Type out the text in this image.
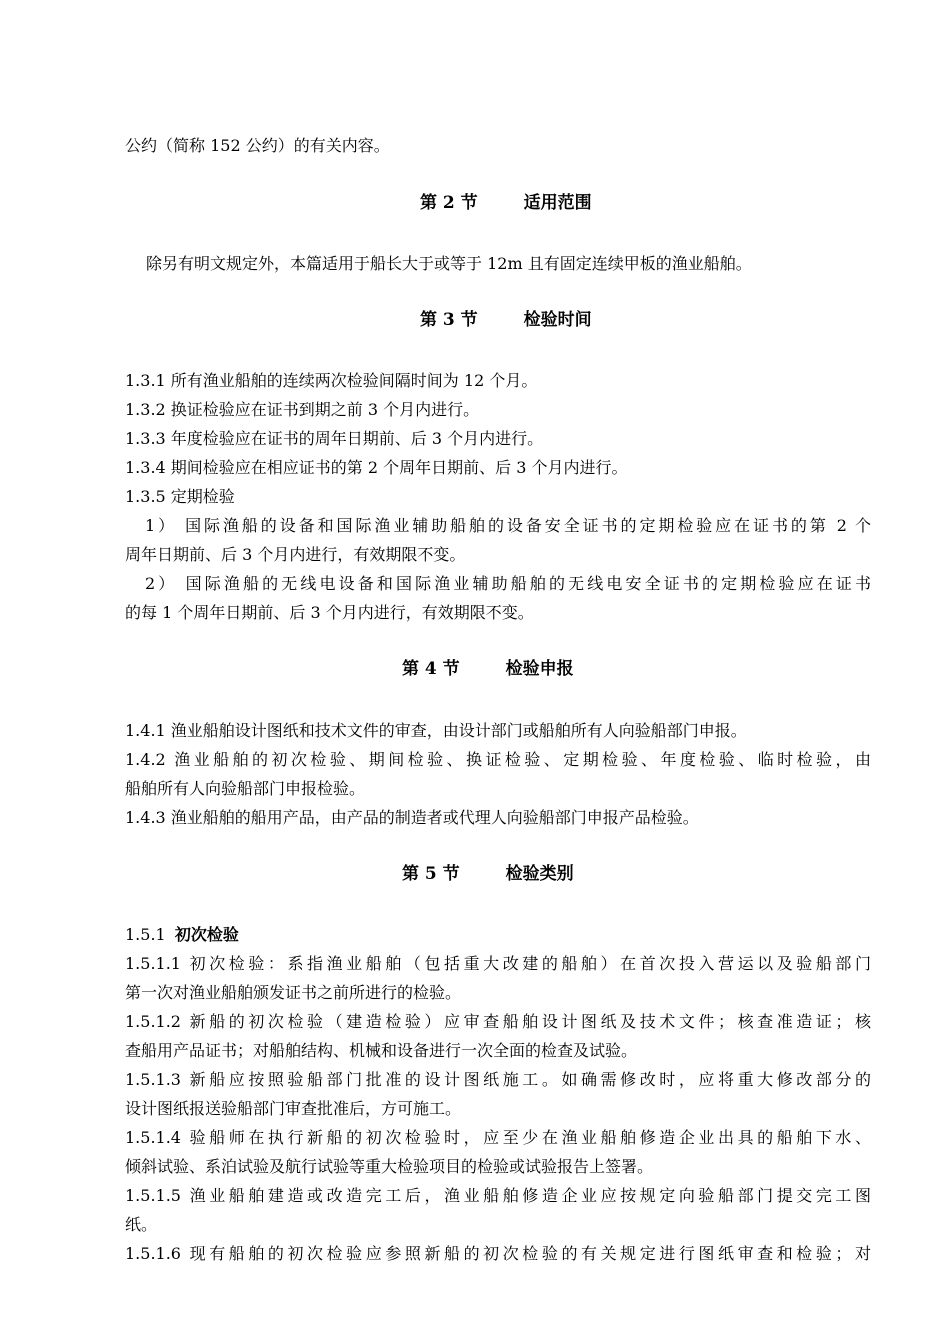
公约（简称 152 公约）的有关内容。
第 2 节	适用范围
除另有明文规定外，本篇适用于船长大于或等于 12m 且有固定连续甲板的渔业船舶。
第 3 节	检验时间
1.3.1 所有渔业船舶的连续两次检验间隔时间为 12 个月。
1.3.2 换证检验应在证书到期之前 3 个月内进行。
1.3.3 年度检验应在证书的周年日期前、后 3 个月内进行。
1.3.4 期间检验应在相应证书的第 2 个周年日期前、后 3 个月内进行。
1.3.5 定期检验
1） 国际渔船的设备和国际渔业辅助船舶的设备安全证书的定期检验应在证书的第 2 个
周年日期前、后 3 个月内进行，有效期限不变。
2） 国际渔船的无线电设备和国际渔业辅助船舶的无线电安全证书的定期检验应在证书
的每 1 个周年日期前、后 3 个月内进行，有效期限不变。
第 4 节	检验申报
1.4.1 渔业船舶设计图纸和技术文件的审查，由设计部门或船舶所有人向验船部门申报。
1.4.2 渔业船舶的初次检验、期间检验、换证检验、定期检验、年度检验、临时检验，由
船舶所有人向验船部门申报检验。
1.4.3 渔业船舶的船用产品，由产品的制造者或代理人向验船部门申报产品检验。
第 5 节	检验类别
1.5.1 初次检验
1.5.1.1 初次检验：系指渔业船舶（包括重大改建的船舶）在首次投入营运以及验船部门
第一次对渔业船舶颁发证书之前所进行的检验。
1.5.1.2 新船的初次检验（建造检验）应审查船舶设计图纸及技术文件；核查准造证；核
查船用产品证书；对船舶结构、机械和设备进行一次全面的检查及试验。
1.5.1.3 新船应按照验船部门批准的设计图纸施工。如确需修改时，应将重大修改部分的
设计图纸报送验船部门审查批准后，方可施工。
1.5.1.4 验船师在执行新船的初次检验时，应至少在渔业船舶修造企业出具的船舶下水、
倾斜试验、系泊试验及航行试验等重大检验项目的检验或试验报告上签署。
1.5.1.5 渔业船舶建造或改造完工后，渔业船舶修造企业应按规定向验船部门提交完工图
纸。
1.5.1.6 现有船舶的初次检验应参照新船的初次检验的有关规定进行图纸审查和检验；对
